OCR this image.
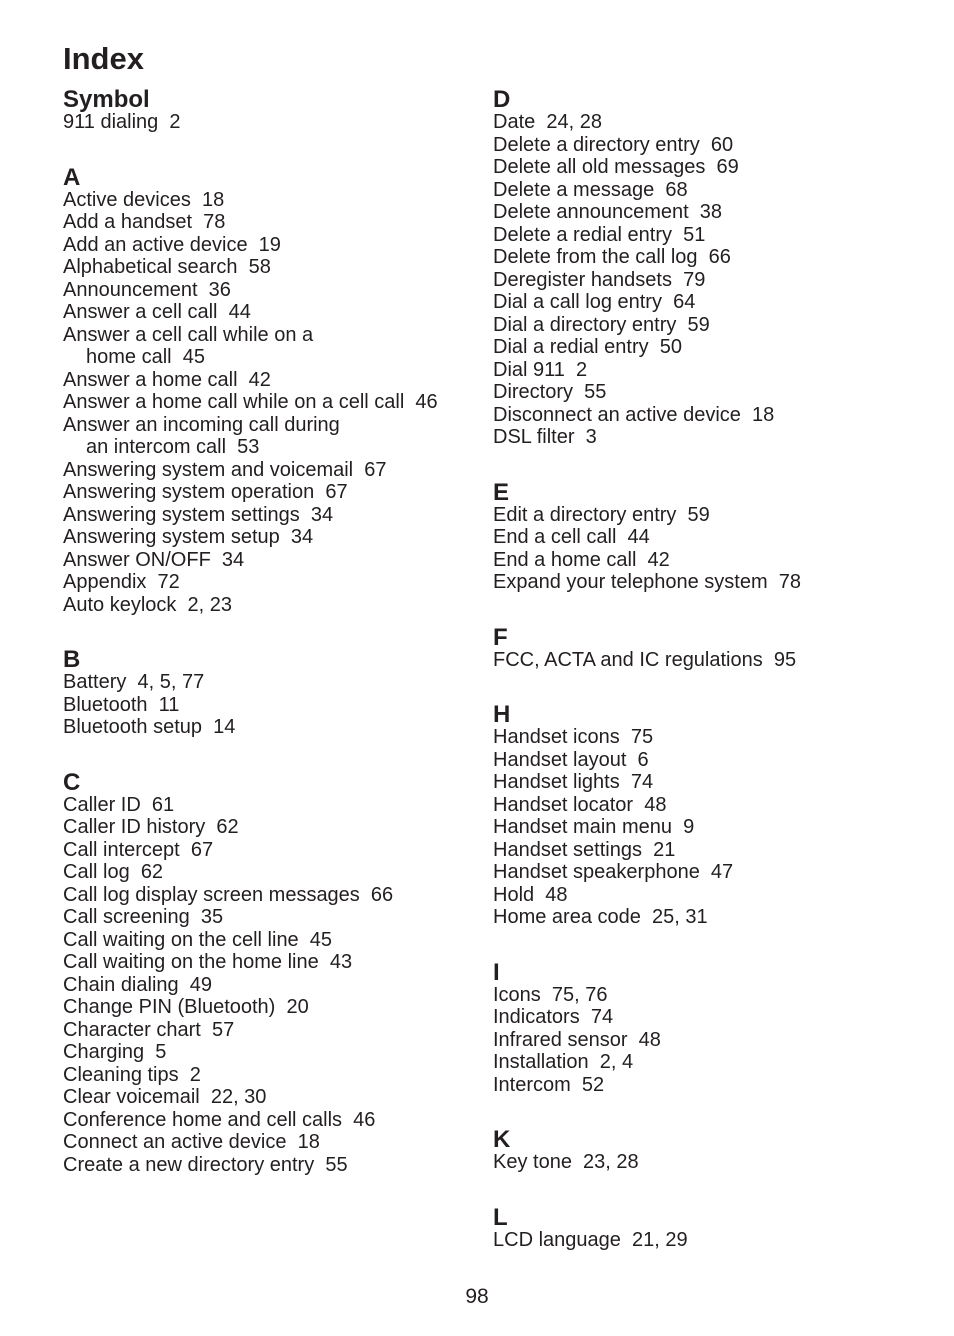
Index
Symbol
911 dialing  2
A
Active devices  18
Add a handset  78
Add an active device  19
Alphabetical search  58
Announcement  36
Answer a cell call  44
Answer a cell call while on a
home call  45
Answer a home call  42
Answer a home call while on a cell call  46
Answer an incoming call during
an intercom call  53
Answering system and voicemail  67
Answering system operation  67
Answering system settings  34
Answering system setup  34
Answer ON/OFF  34
Appendix  72
Auto keylock  2, 23
B
Battery  4, 5, 77
Bluetooth  11
Bluetooth setup  14
C
Caller ID  61
Caller ID history  62
Call intercept  67
Call log  62
Call log display screen messages  66
Call screening  35
Call waiting on the cell line  45
Call waiting on the home line  43
Chain dialing  49
Change PIN (Bluetooth)  20
Character chart  57
Charging  5
Cleaning tips  2
Clear voicemail  22, 30
Conference home and cell calls  46
Connect an active device  18
Create a new directory entry  55
D
Date  24, 28
Delete a directory entry  60
Delete all old messages  69
Delete a message  68
Delete announcement  38
Delete a redial entry  51
Delete from the call log  66
Deregister handsets  79
Dial a call log entry  64
Dial a directory entry  59
Dial a redial entry  50
Dial 911  2
Directory  55
Disconnect an active device  18
DSL filter  3
E
Edit a directory entry  59
End a cell call  44
End a home call  42
Expand your telephone system  78
F
FCC, ACTA and IC regulations  95
H
Handset icons  75
Handset layout  6
Handset lights  74
Handset locator  48
Handset main menu  9
Handset settings  21
Handset speakerphone  47
Hold  48
Home area code  25, 31
I
Icons  75, 76
Indicators  74
Infrared sensor  48
Installation  2, 4
Intercom  52
K
Key tone  23, 28
L
LCD language  21, 29
98
